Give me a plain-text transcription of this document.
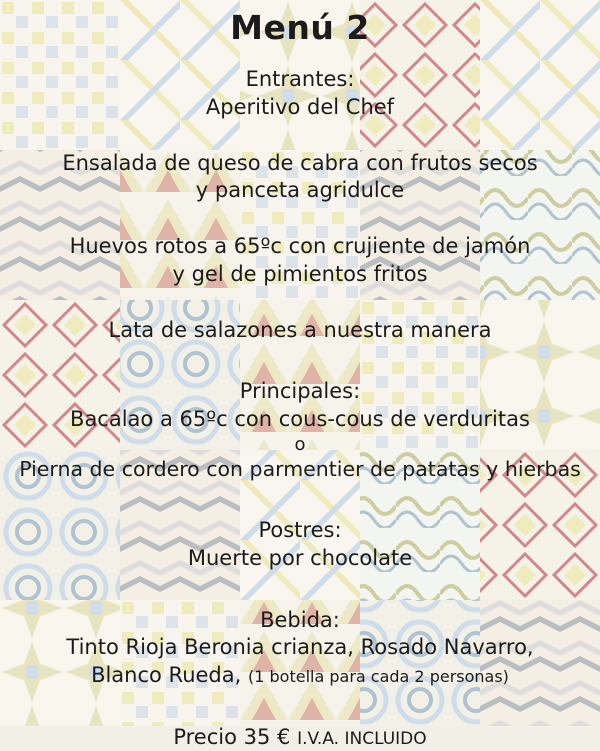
Menú 2
Entrantes:
Aperitivo del Chef
Ensalada de queso de cabra con frutos secos
y panceta agridulce
Huevos rotos a 65ºc con crujiente de jamón
y gel de pimientos fritos
Lata de salazones a nuestra manera
Principales:
Bacalao a 65ºc con cous-cous de verduritas
o
Pierna de cordero con parmentier de patatas y hierbas
Postres:
Muerte por chocolate
Bebida:
Tinto Rioja Beronia crianza, Rosado Navarro,
Blanco Rueda, (1 botella para cada 2 personas)
Precio 35 € I.V.A. INCLUIDO
